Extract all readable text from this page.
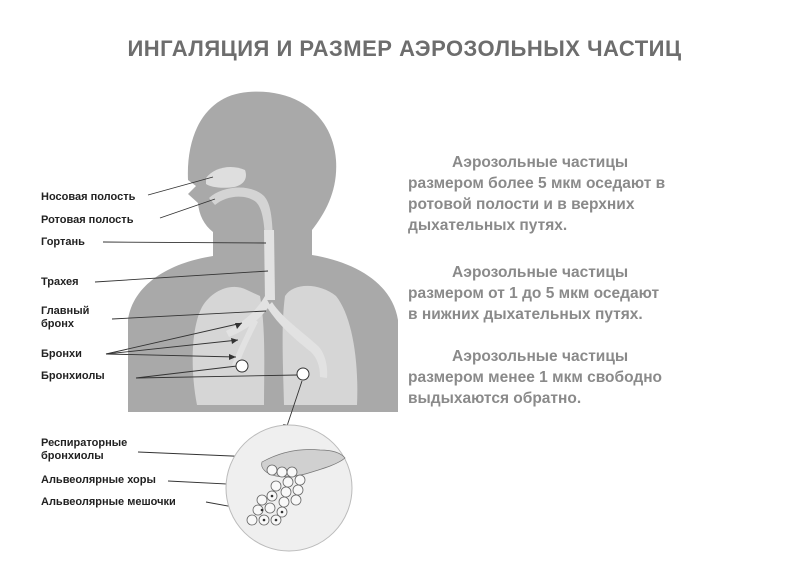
ИНГАЛЯЦИЯ И РАЗМЕР АЭРОЗОЛЬНЫХ ЧАСТИЦ
Носовая полость
Ротовая полость
Гортань
Трахея
Главный
бронх
Бронхи
Бронхиолы
Респираторные
бронхиолы
Альвеолярные хоры
Альвеолярные мешочки
Аэрозольные частицы
размером более 5 мкм оседают в
ротовой полости и в верхних
дыхательных путях.
Аэрозольные частицы
размером от 1 до 5 мкм оседают
в нижних дыхательных путях.
Аэрозольные частицы
размером менее 1 мкм свободно
выдыхаются обратно.
